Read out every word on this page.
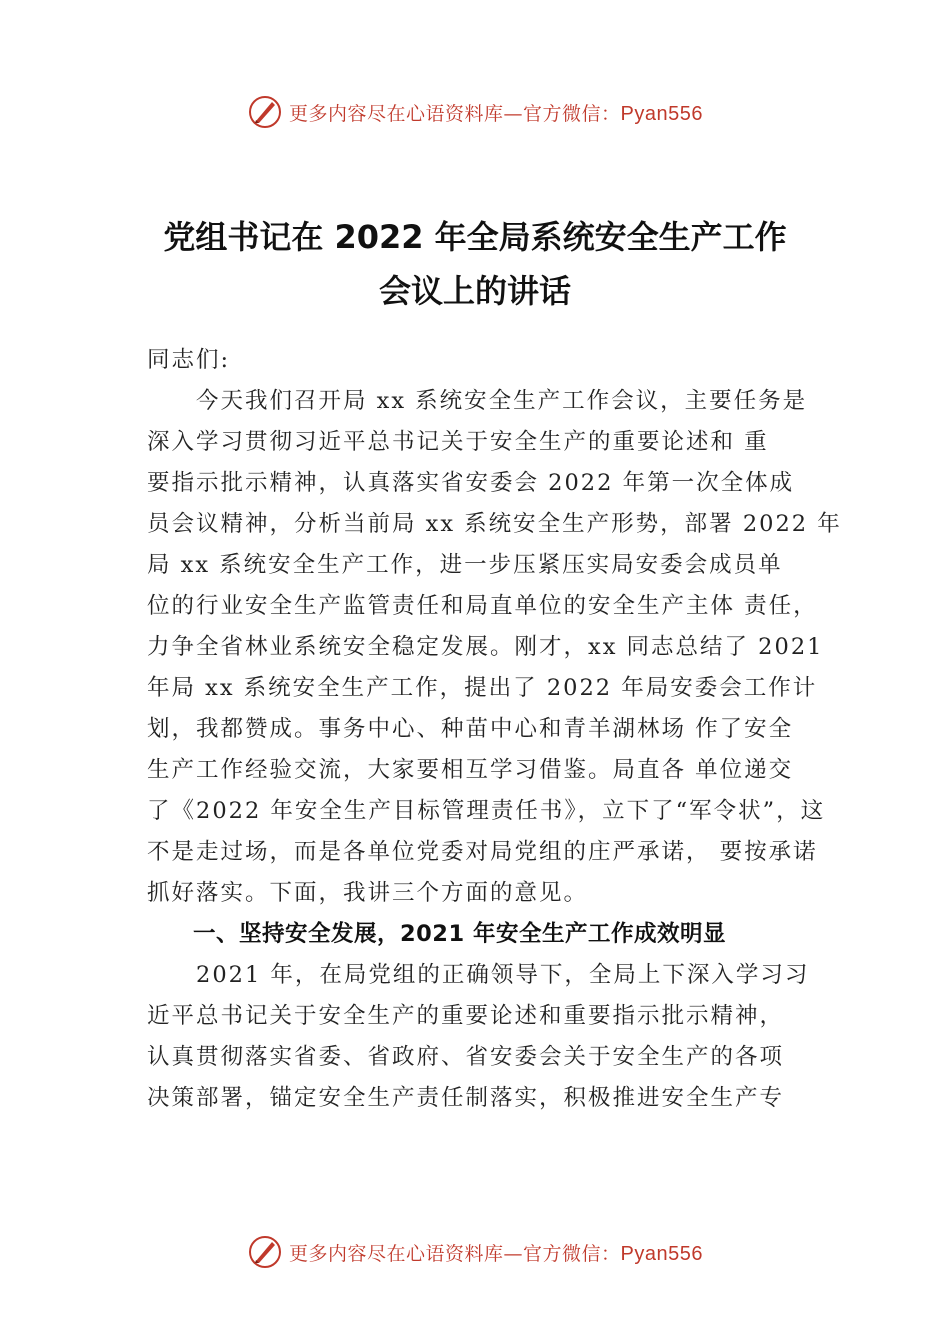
更多内容尽在心语资料库—官方微信：Pyan556
党组书记在 2022 年全局系统安全生产工作
会议上的讲话
同志们:
　　今天我们召开局 xx 系统安全生产工作会议，主要任务是
深入学习贯彻习近平总书记关于安全生产的重要论述和 重
要指示批示精神，认真落实省安委会 2022 年第一次全体成
员会议精神，分析当前局 xx 系统安全生产形势，部署 2022 年
局 xx 系统安全生产工作，进一步压紧压实局安委会成员单
位的行业安全生产监管责任和局直单位的安全生产主体 责任，
力争全省林业系统安全稳定发展。刚才，xx 同志总结了 2021
年局 xx 系统安全生产工作，提出了 2022 年局安委会工作计
划，我都赞成。事务中心、种苗中心和青羊湖林场 作了安全
生产工作经验交流，大家要相互学习借鉴。局直各 单位递交
了《2022 年安全生产目标管理责任书》，立下了“军令状”，这
不是走过场，而是各单位党委对局党组的庄严承诺， 要按承诺
抓好落实。下面，我讲三个方面的意见。
　　一、坚持安全发展，2021 年安全生产工作成效明显
　　2021 年，在局党组的正确领导下，全局上下深入学习习
近平总书记关于安全生产的重要论述和重要指示批示精神，
认真贯彻落实省委、省政府、省安委会关于安全生产的各项
决策部署，锚定安全生产责任制落实，积极推进安全生产专
更多内容尽在心语资料库—官方微信：Pyan556
